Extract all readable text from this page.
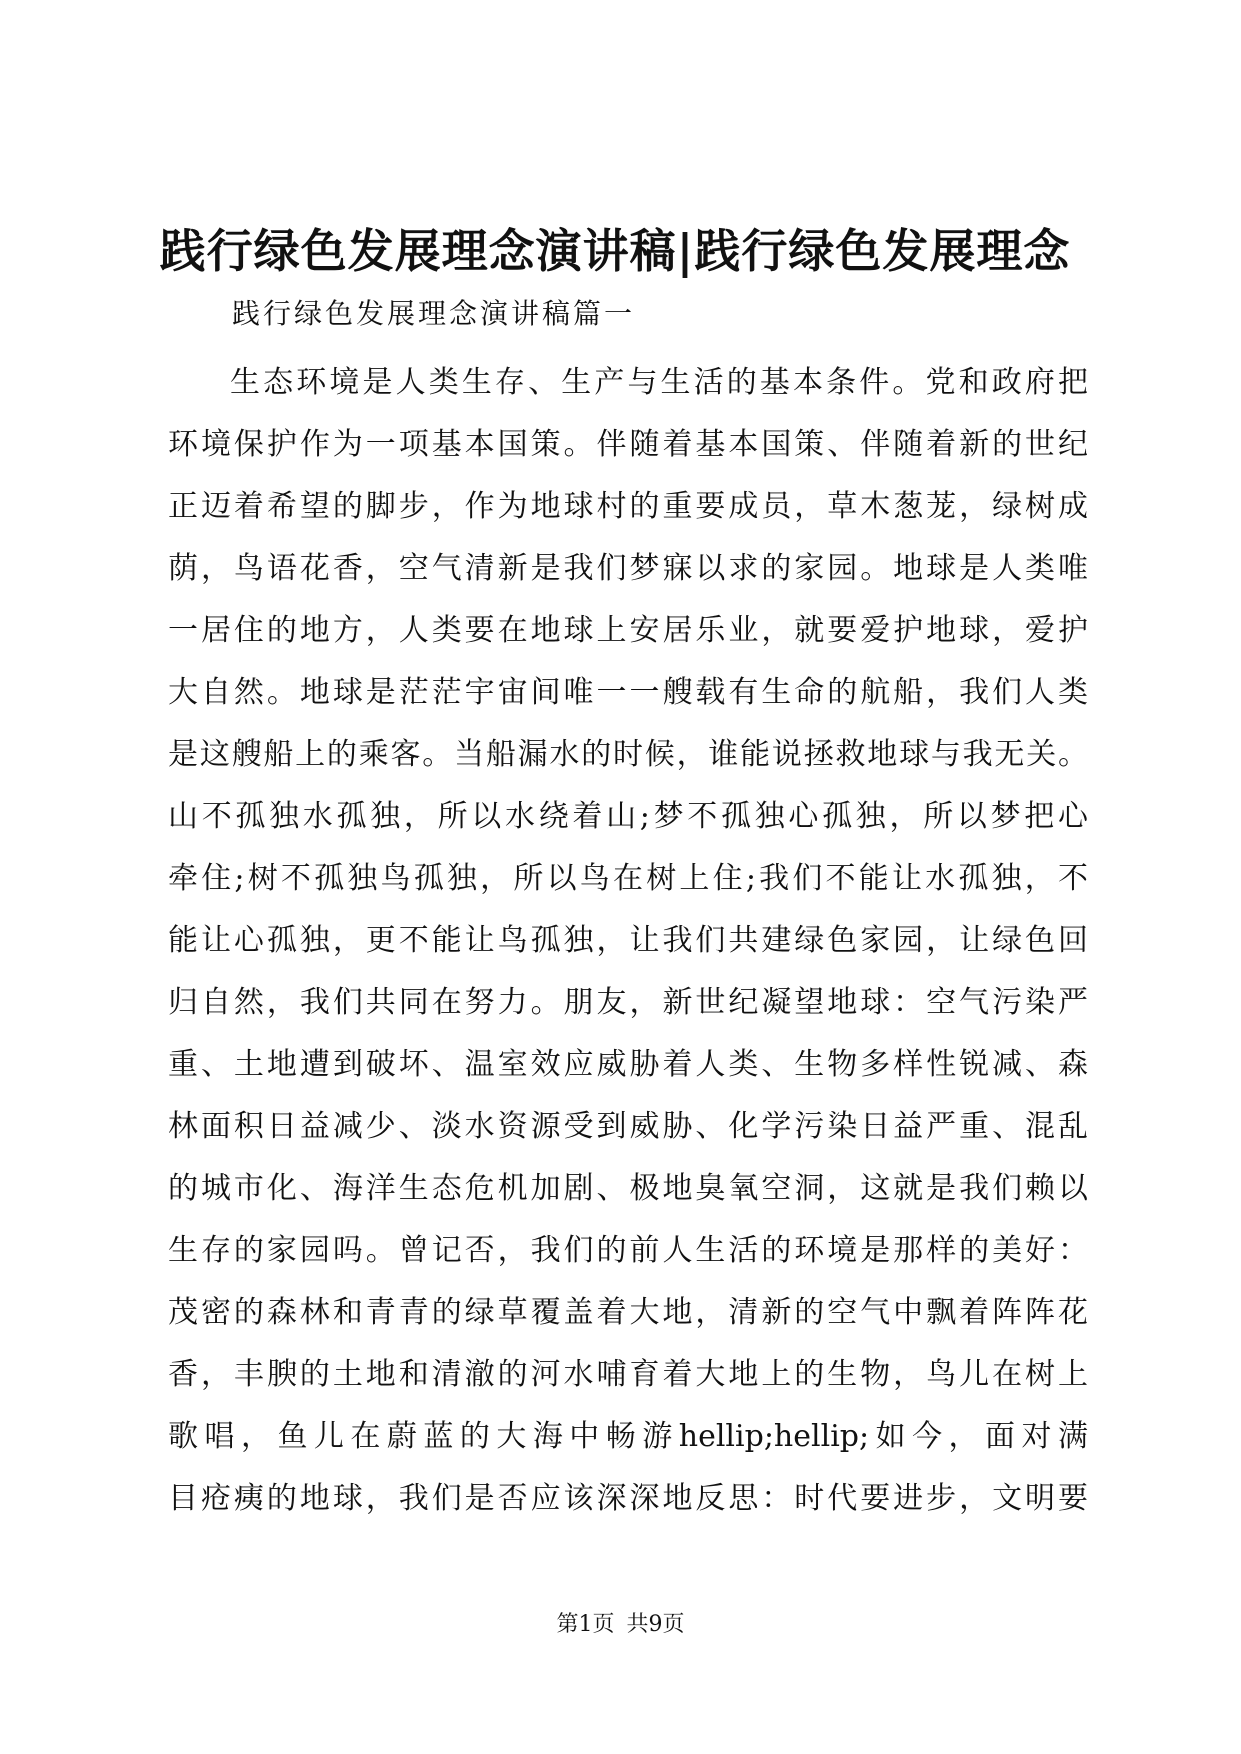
践行绿色发展理念演讲稿|践行绿色发展理念

践行绿色发展理念演讲稿篇一

生态环境是人类生存、生产与生活的基本条件。党和政府把
环境保护作为一项基本国策。伴随着基本国策、伴随着新的世纪
正迈着希望的脚步，作为地球村的重要成员，草木葱茏，绿树成
荫，鸟语花香，空气清新是我们梦寐以求的家园。地球是人类唯
一居住的地方，人类要在地球上安居乐业，就要爱护地球，爱护
大自然。地球是茫茫宇宙间唯一一艘载有生命的航船，我们人类
是这艘船上的乘客。当船漏水的时候，谁能说拯救地球与我无关。
山不孤独水孤独，所以水绕着山;梦不孤独心孤独，所以梦把心
牵住;树不孤独鸟孤独，所以鸟在树上住;我们不能让水孤独，不
能让心孤独，更不能让鸟孤独，让我们共建绿色家园，让绿色回
归自然，我们共同在努力。朋友，新世纪凝望地球：空气污染严
重、土地遭到破坏、温室效应威胁着人类、生物多样性锐减、森
林面积日益减少、淡水资源受到威胁、化学污染日益严重、混乱
的城市化、海洋生态危机加剧、极地臭氧空洞，这就是我们赖以
生存的家园吗。曾记否，我们的前人生活的环境是那样的美好：
茂密的森林和青青的绿草覆盖着大地，清新的空气中飘着阵阵花
香，丰腴的土地和清澈的河水哺育着大地上的生物，鸟儿在树上
歌唱，鱼儿在蔚蓝的大海中畅游hellip;hellip;如今，面对满
目疮痍的地球，我们是否应该深深地反思：时代要进步，文明要
第1页 共9页
